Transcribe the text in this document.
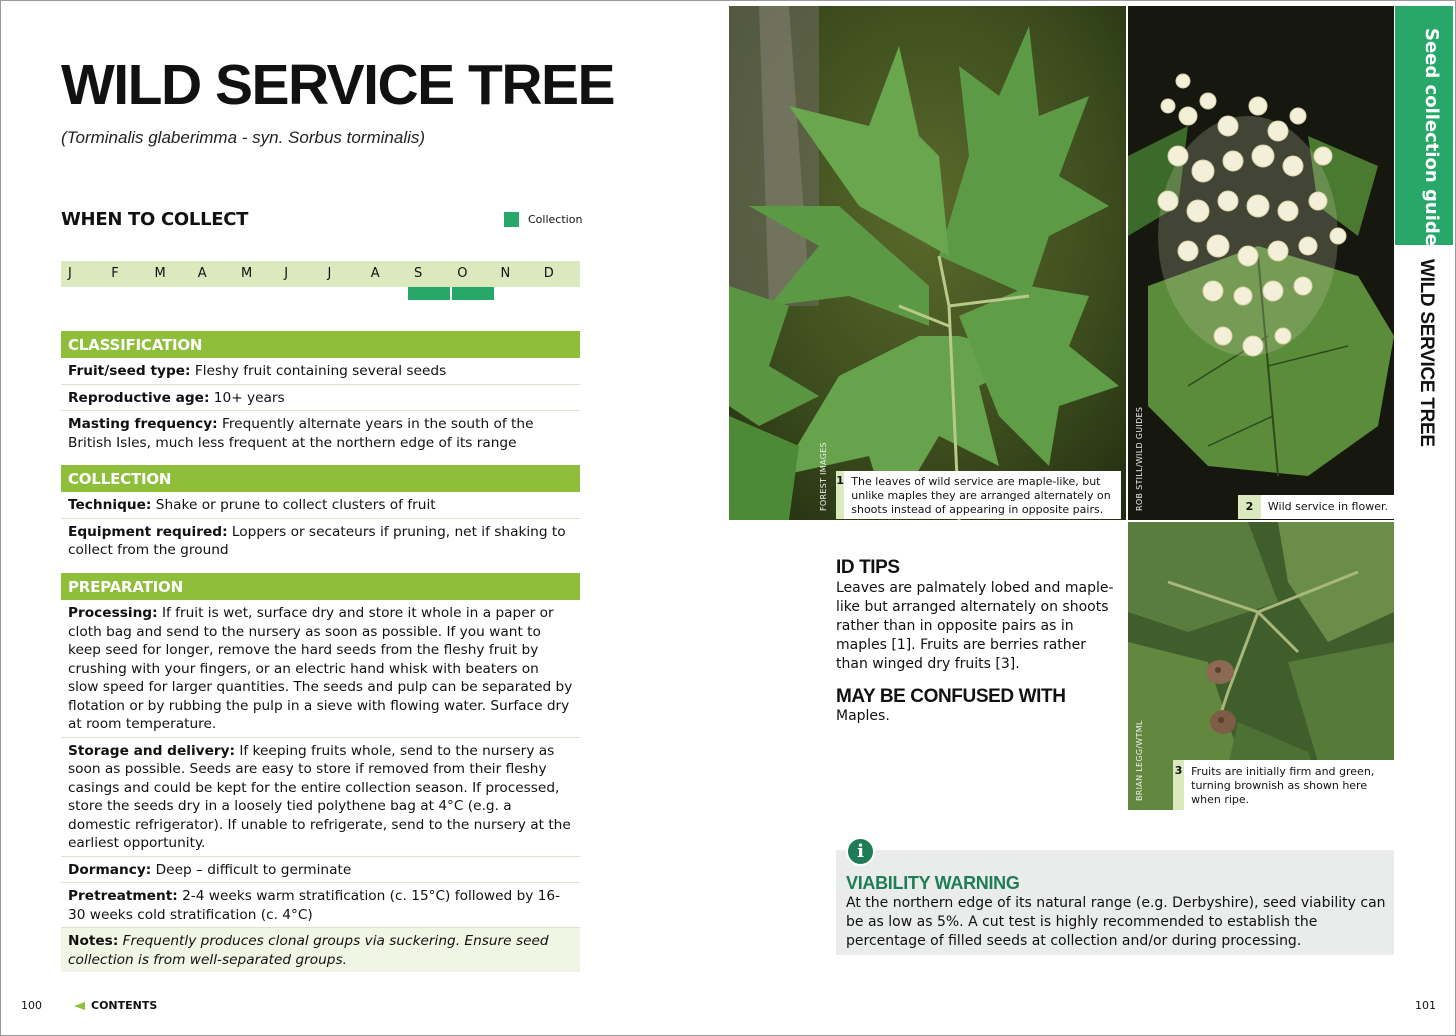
WILD SERVICE TREE
(Torminalis glaberimma - syn. Sorbus torminalis)
WHEN TO COLLECT	Collection
J	F	M	A	M	J	J	A	S	O	N	D
CLASSIFICATION
Fruit/seed type: Fleshy fruit containing several seeds
Reproductive age: 10+ years
Masting frequency: Frequently alternate years in the south of the British Isles, much less frequent at the northern edge of its range
COLLECTION
Technique: Shake or prune to collect clusters of fruit
Equipment required: Loppers or secateurs if pruning, net if shaking to collect from the ground
PREPARATION
Processing: If fruit is wet, surface dry and store it whole in a paper or cloth bag and send to the nursery as soon as possible. If you want to keep seed for longer, remove the hard seeds from the fleshy fruit by crushing with your fingers, or an electric hand whisk with beaters on slow speed for larger quantities. The seeds and pulp can be separated by flotation or by rubbing the pulp in a sieve with flowing water. Surface dry at room temperature.
Storage and delivery: If keeping fruits whole, send to the nursery as soon as possible. Seeds are easy to store if removed from their fleshy casings and could be kept for the entire collection season. If processed, store the seeds dry in a loosely tied polythene bag at 4°C (e.g. a domestic refrigerator). If unable to refrigerate, send to the nursery at the earliest opportunity.
Dormancy: Deep – difficult to germinate
Pretreatment: 2-4 weeks warm stratification (c. 15°C) followed by 16-30 weeks cold stratification (c. 4°C)
Notes: Frequently produces clonal groups via suckering. Ensure seed collection is from well-separated groups.
100	CONTENTS
FOREST IMAGES 1 The leaves of wild service are maple-like, but unlike maples they are arranged alternately on shoots instead of appearing in opposite pairs.	ROB STILL/WILD GUIDES	2	Wild service in flower.
BRIAN LEGG/WTML	3 Fruits are initially firm and green, turning brownish as shown here when ripe.
Seed collection guide
WILD SERVICE TREE
ID TIPS
Leaves are palmately lobed and maple-like but arranged alternately on shoots rather than in opposite pairs as in maples [1]. Fruits are berries rather than winged dry fruits [3].
MAY BE CONFUSED WITH
Maples.
i
VIABILITY WARNING
At the northern edge of its natural range (e.g. Derbyshire), seed viability can be as low as 5%. A cut test is highly recommended to establish the percentage of filled seeds at collection and/or during processing.
101
